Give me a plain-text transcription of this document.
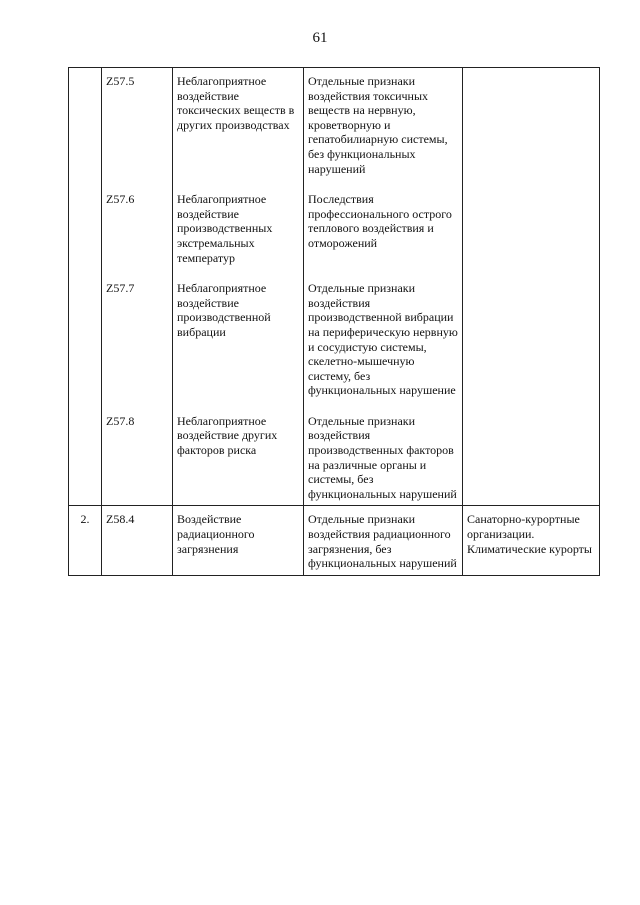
61
	Z57.5	Неблагоприятное воздействие токсических веществ в других производствах	Отдельные признаки воздействия токсичных веществ на нервную, кроветворную и гепатобилиарную системы, без функциональных нарушений	
	Z57.6	Неблагоприятное воздействие производственных экстремальных температур	Последствия профессионального острого теплового воздействия и отморожений	
	Z57.7	Неблагоприятное воздействие производственной вибрации	Отдельные признаки воздействия производственной вибрации на периферическую нервную и сосудистую системы, скелетно-мышечную систему, без функциональных нарушение	
	Z57.8	Неблагоприятное воздействие других факторов риска	Отдельные признаки воздействия производственных факторов на различные органы и системы, без функциональных нарушений	
2.	Z58.4	Воздействие радиационного загрязнения	Отдельные признаки воздействия радиационного загрязнения, без функциональных нарушений	Санаторно-курортные организации. Климатические курорты
